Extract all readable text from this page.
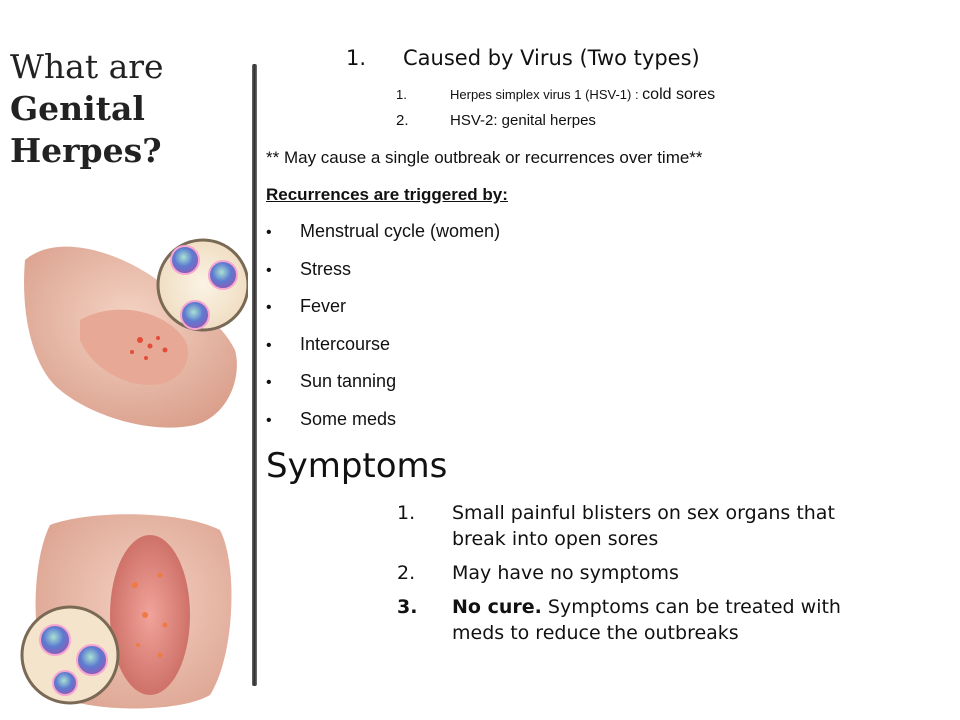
What are
Genital
Herpes?
1. Caused by Virus (Two types)
1.	Herpes simplex virus 1 (HSV-1) : cold sores
2.	HSV-2: genital herpes
** May cause a single outbreak or recurrences over time**
Recurrences are triggered by:
• Menstrual cycle (women)
• Stress
• Fever
• Intercourse
• Sun tanning
• Some meds
Symptoms
1. Small painful blisters on sex organs that break into open sores
2. May have no symptoms
3. No cure. Symptoms can be treated with meds to reduce the outbreaks
